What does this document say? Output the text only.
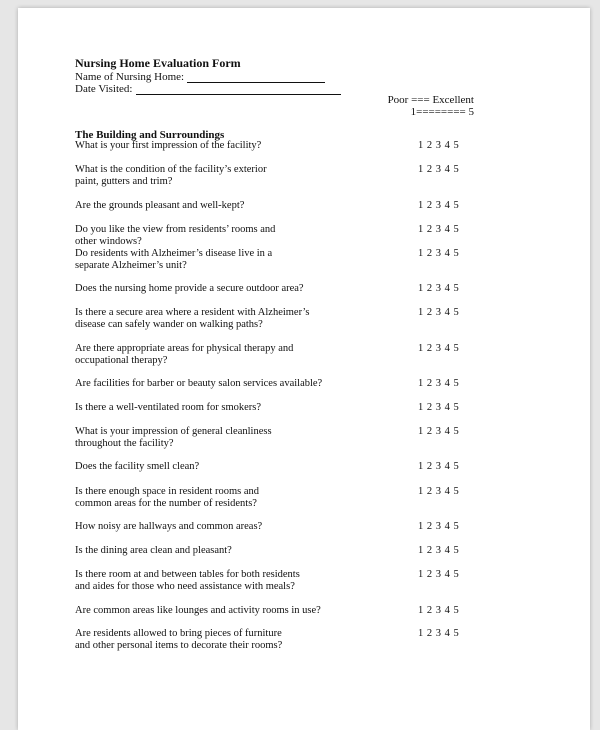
Nursing Home Evaluation Form
Name of Nursing Home:
Date Visited:
Poor === Excellent
1======== 5
The Building and Surroundings
What is your first impression of the facility?	1 2 3 4 5
What is the condition of the facility’s exterior
paint, gutters and trim?
1 2 3 4 5
Are the grounds pleasant and well-kept?	1 2 3 4 5
Do you like the view from residents’ rooms and
other windows?
1 2 3 4 5
Do residents with Alzheimer’s disease live in a
separate Alzheimer’s unit?
1 2 3 4 5
Does the nursing home provide a secure outdoor area?	1 2 3 4 5
Is there a secure area where a resident with Alzheimer’s
disease can safely wander on walking paths?
1 2 3 4 5
Are there appropriate areas for physical therapy and
occupational therapy?
1 2 3 4 5
Are facilities for barber or beauty salon services available?	1 2 3 4 5
Is there a well-ventilated room for smokers?	1 2 3 4 5
What is your impression of general cleanliness
throughout the facility?
1 2 3 4 5
Does the facility smell clean?	1 2 3 4 5
Is there enough space in resident rooms and
common areas for the number of residents?
1 2 3 4 5
How noisy are hallways and common areas?	1 2 3 4 5
Is the dining area clean and pleasant?	1 2 3 4 5
Is there room at and between tables for both residents
and aides for those who need assistance with meals?
1 2 3 4 5
Are common areas like lounges and activity rooms in use?	1 2 3 4 5
Are residents allowed to bring pieces of furniture
and other personal items to decorate their rooms?
1 2 3 4 5
